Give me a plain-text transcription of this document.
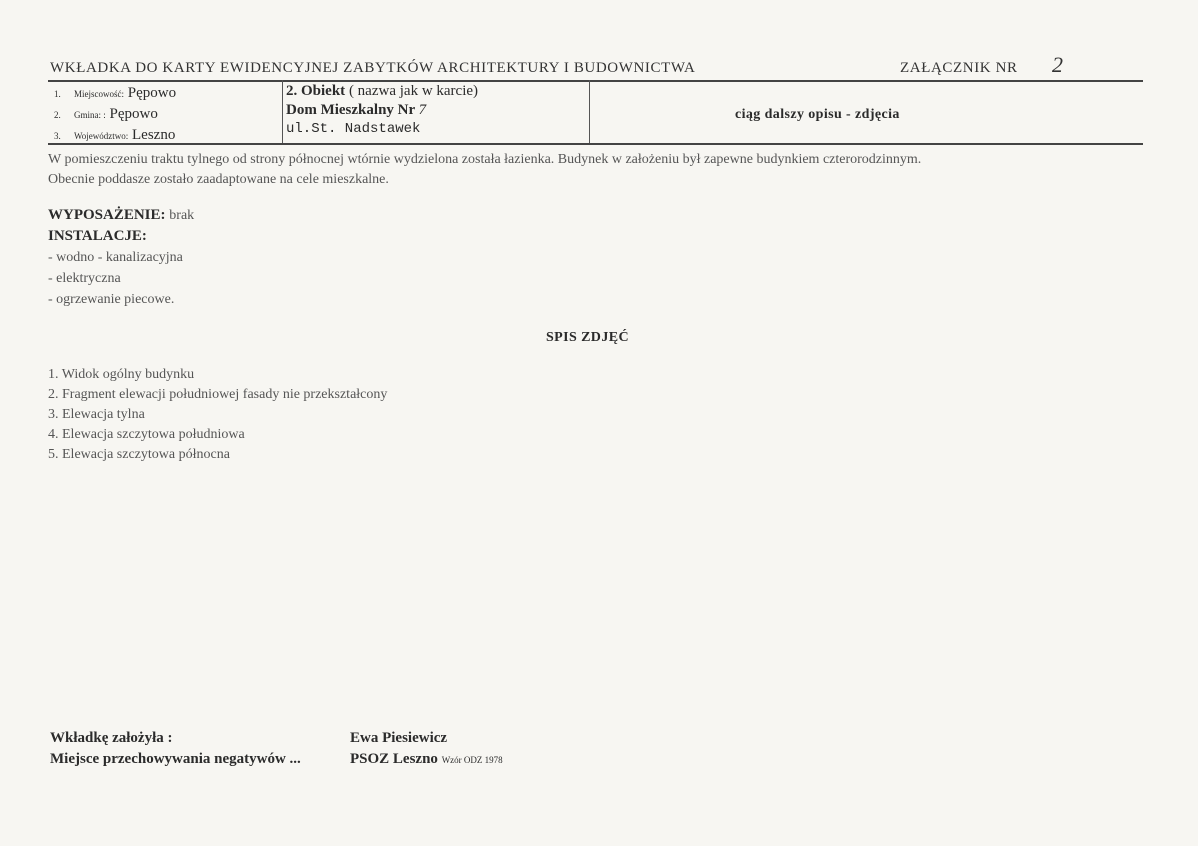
WKŁADKA DO KARTY EWIDENCYJNEJ ZABYTKÓW ARCHITEKTURY I BUDOWNICTWA	ZAŁĄCZNIK NR 2
1. Miejscowość: Pępowo
2. Gmina: : Pępowo
3. Województwo: Leszno
2. Obiekt ( nazwa jak w karcie)
Dom Mieszkalny Nr 7
ul.St. Nadstawek
ciąg dalszy opisu - zdjęcia
W pomieszczeniu traktu tylnego od strony północnej wtórnie wydzielona została łazienka. Budynek w założeniu był zapewne budynkiem czterorodzinnym.
Obecnie poddasze zostało zaadaptowane na cele mieszkalne.
WYPOSAŻENIE: brak
INSTALACJE:
- wodno - kanalizacyjna
- elektryczna
- ogrzewanie piecowe.
SPIS ZDJĘĆ
1. Widok ogólny budynku
2. Fragment elewacji południowej fasady nie przekształcony
3. Elewacja tylna
4. Elewacja szczytowa południowa
5. Elewacja szczytowa północna
Wkładkę założyła :	Ewa Piesiewicz
Miejsce przechowywania negatywów ...	PSOZ Leszno Wzór ODZ 1978
